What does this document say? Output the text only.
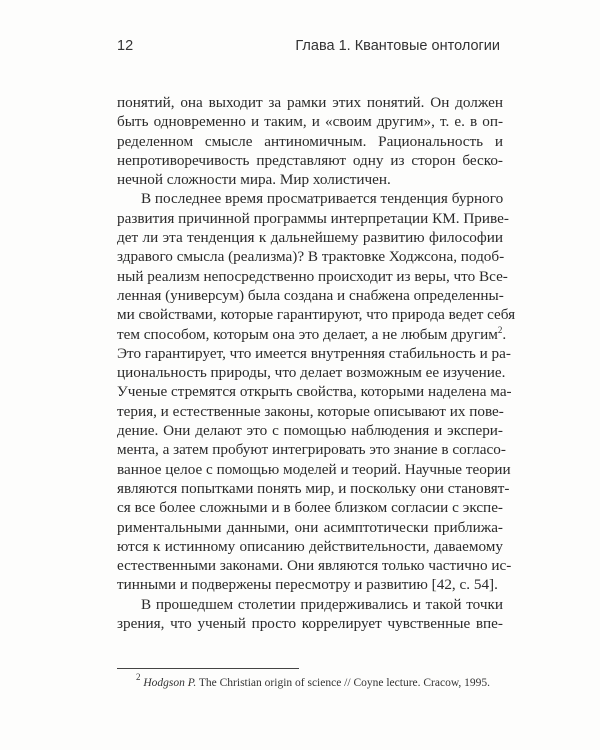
12	Глава 1. Квантовые онтологии
понятий, она выходит за рамки этих понятий. Он должен
быть одновременно и таким, и «своим другим», т. е. в оп-
ределенном смысле антиномичным. Рациональность и
непротиворечивость представляют одну из сторон беско-
нечной сложности мира. Мир холистичен.
В последнее время просматривается тенденция бурного
развития причинной программы интерпретации КМ. Приве-
дет ли эта тенденция к дальнейшему развитию философии
здравого смысла (реализма)? В трактовке Ходжсона, подоб-
ный реализм непосредственно происходит из веры, что Все-
ленная (универсум) была создана и снабжена определенны-
ми свойствами, которые гарантируют, что природа ведет себя
тем способом, которым она это делает, а не любым другим$^2$.
Это гарантирует, что имеется внутренняя стабильность и ра-
циональность природы, что делает возможным ее изучение.
Ученые стремятся открыть свойства, которыми наделена ма-
терия, и естественные законы, которые описывают их пове-
дение. Они делают это с помощью наблюдения и экспери-
мента, а затем пробуют интегрировать это знание в согласо-
ванное целое с помощью моделей и теорий. Научные теории
являются попытками понять мир, и поскольку они становят-
ся все более сложными и в более близком согласии с экспе-
риментальными данными, они асимптотически приближа-
ются к истинному описанию действительности, даваемому
естественными законами. Они являются только частично ис-
тинными и подвержены пересмотру и развитию [42, с. 54].
В прошедшем столетии придерживались и такой точки
зрения, что ученый просто коррелирует чувственные впе-
$^2$ Hodgson P. The Christian origin of science // Coyne lecture. Cracow, 1995.
